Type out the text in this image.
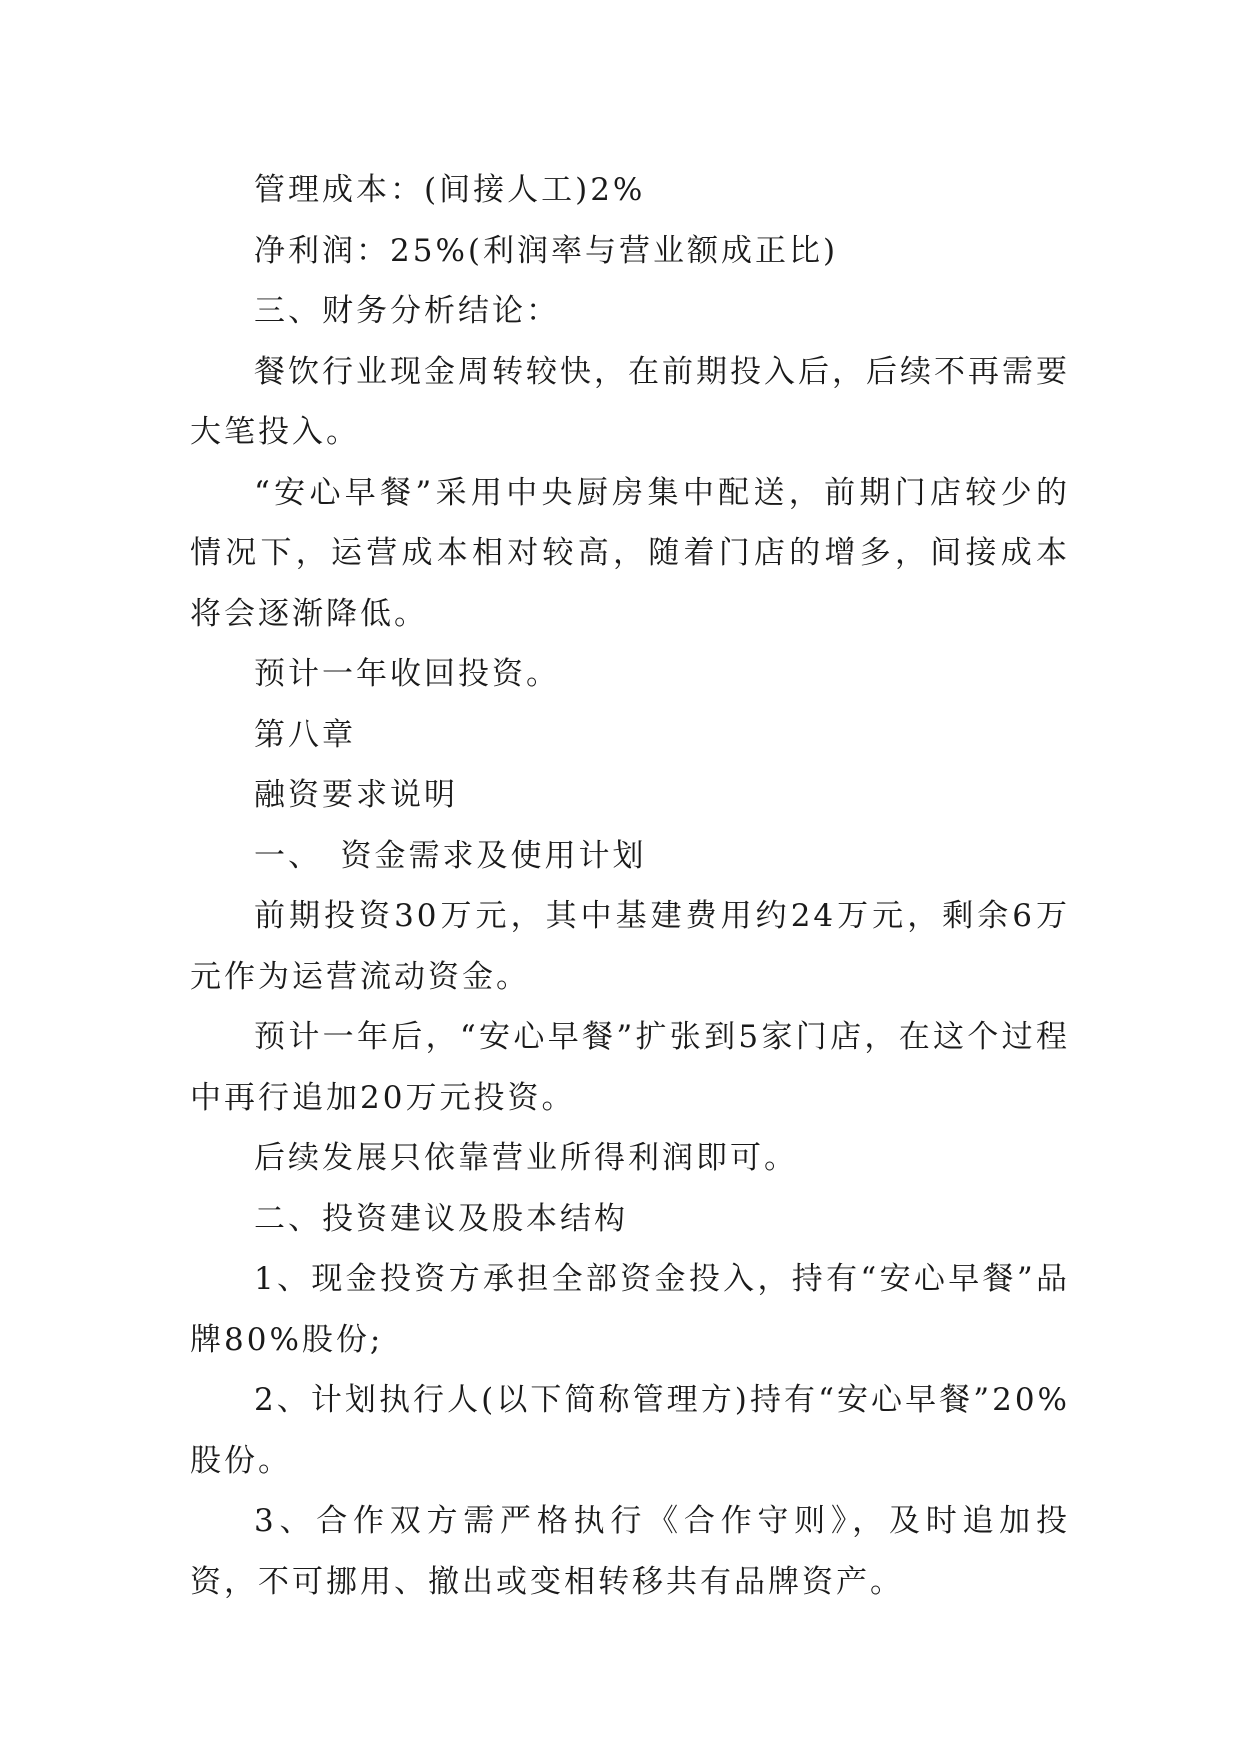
管理成本：(间接人工)2%

净利润：25%(利润率与营业额成正比)

三、财务分析结论：

餐饮行业现金周转较快，在前期投入后，后续不再需要大笔投入。

“安心早餐”采用中央厨房集中配送，前期门店较少的情况下，运营成本相对较高，随着门店的增多，间接成本将会逐渐降低。

预计一年收回投资。

第八章

融资要求说明

一、　资金需求及使用计划

前期投资30万元，其中基建费用约24万元，剩余6万元作为运营流动资金。

预计一年后，“安心早餐”扩张到5家门店，在这个过程中再行追加20万元投资。

后续发展只依靠营业所得利润即可。

二、投资建议及股本结构

1、现金投资方承担全部资金投入，持有“安心早餐”品牌80%股份;

2、计划执行人(以下简称管理方)持有“安心早餐”20%股份。

3、合作双方需严格执行《合作守则》，及时追加投资，不可挪用、撤出或变相转移共有品牌资产。
